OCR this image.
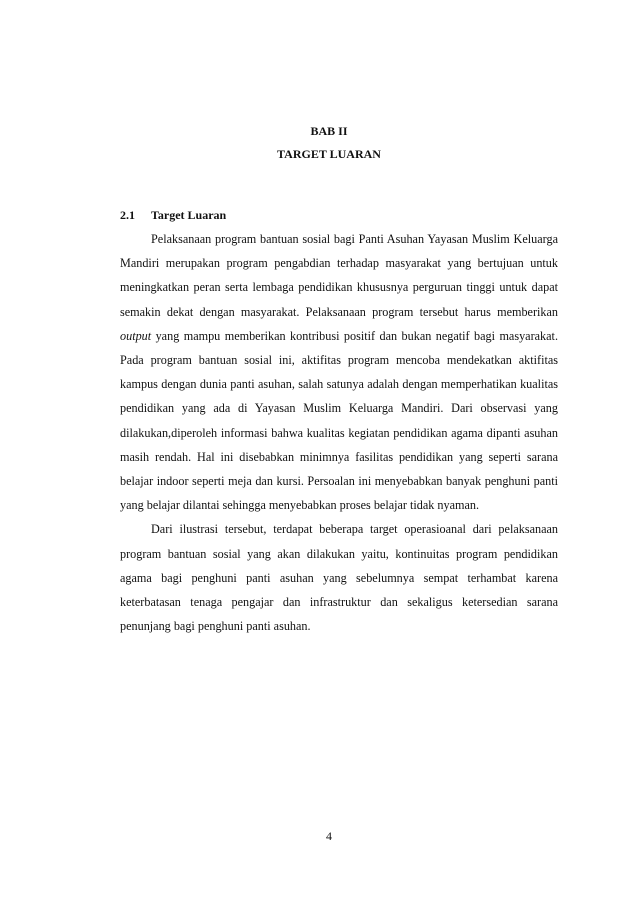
BAB II
TARGET LUARAN
2.1 Target Luaran

Pelaksanaan program bantuan sosial bagi Panti Asuhan Yayasan Muslim Keluarga Mandiri merupakan program pengabdian terhadap masyarakat yang bertujuan untuk meningkatkan peran serta lembaga pendidikan khususnya perguruan tinggi untuk dapat semakin dekat dengan masyarakat. Pelaksanaan program tersebut harus memberikan output yang mampu memberikan kontribusi positif dan bukan negatif bagi masyarakat. Pada program bantuan sosial ini, aktifitas program mencoba mendekatkan aktifitas kampus dengan dunia panti asuhan, salah satunya adalah dengan memperhatikan kualitas pendidikan yang ada di Yayasan Muslim Keluarga Mandiri. Dari observasi yang dilakukan,diperoleh informasi bahwa kualitas kegiatan pendidikan agama dipanti asuhan masih rendah. Hal ini disebabkan minimnya fasilitas pendidikan yang seperti sarana belajar indoor seperti meja dan kursi. Persoalan ini menyebabkan banyak penghuni panti yang belajar dilantai sehingga menyebabkan proses belajar tidak nyaman.

Dari ilustrasi tersebut, terdapat beberapa target operasioanal dari pelaksanaan program bantuan sosial yang akan dilakukan yaitu, kontinuitas program pendidikan agama bagi penghuni panti asuhan yang sebelumnya sempat terhambat karena keterbatasan tenaga pengajar dan infrastruktur dan sekaligus ketersedian sarana penunjang bagi penghuni panti asuhan.

4
